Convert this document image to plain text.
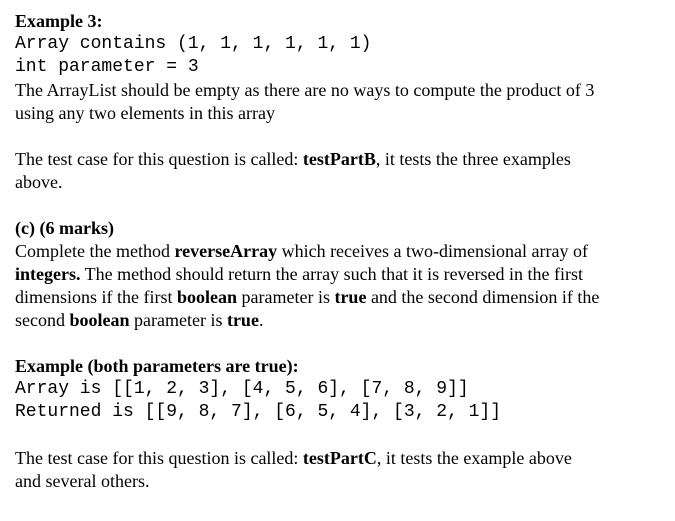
Example 3:
Array contains (1, 1, 1, 1, 1, 1)
int parameter = 3
The ArrayList should be empty as there are no ways to compute the product of 3
using any two elements in this array
The test case for this question is called: testPartB, it tests the three examples
above.
(c) (6 marks)
Complete the method reverseArray which receives a two-dimensional array of
integers. The method should return the array such that it is reversed in the first
dimensions if the first boolean parameter is true and the second dimension if the
second boolean parameter is true.
Example (both parameters are true):
Array is [[1, 2, 3], [4, 5, 6], [7, 8, 9]]
Returned is [[9, 8, 7], [6, 5, 4], [3, 2, 1]]
The test case for this question is called: testPartC, it tests the example above
and several others.
